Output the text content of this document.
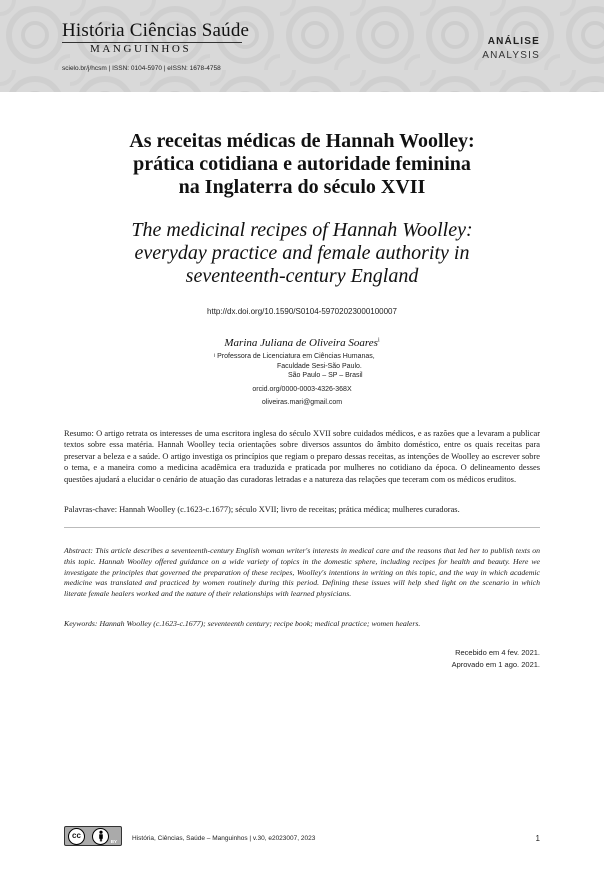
História Ciências Saúde
MANGUINHOS
scielo.br/j/hcsm | ISSN: 0104-5970 | eISSN: 1678-4758
ANÁLISE
ANALYSIS
As receitas médicas de Hannah Woolley:
prática cotidiana e autoridade feminina
na Inglaterra do século XVII
The medicinal recipes of Hannah Woolley:
everyday practice and female authority in
seventeenth-century England
http://dx.doi.org/10.1590/S0104-59702023000100007
Marina Juliana de Oliveira Soares$^i$
$^i$ Professora de Licenciatura em Ciências Humanas,
Faculdade Sesi-São Paulo.
São Paulo – SP – Brasil
orcid.org/0000-0003-4326-368X
oliveiras.mari@gmail.com
Resumo: O artigo retrata os interesses de uma escritora inglesa do século XVII sobre cuidados médicos, e as razões que a levaram a publicar textos sobre essa matéria. Hannah Woolley tecia orientações sobre diversos assuntos do âmbito doméstico, entre os quais receitas para preservar a beleza e a saúde. O artigo investiga os princípios que regiam o preparo dessas receitas, as intenções de Woolley ao escrever sobre o tema, e a maneira como a medicina acadêmica era traduzida e praticada por mulheres no cotidiano da época. O delineamento desses questões ajudará a elucidar o cenário de atuação das curadoras letradas e a natureza das relações que teceram com os médicos eruditos.
Palavras-chave: Hannah Woolley (c.1623-c.1677); século XVII; livro de receitas; prática médica; mulheres curadoras.
Abstract: This article describes a seventeenth-century English woman writer's interests in medical care and the reasons that led her to publish texts on this topic. Hannah Woolley offered guidance on a wide variety of topics in the domestic sphere, including recipes for health and beauty. Here we investigate the principles that governed the preparation of these recipes, Woolley's intentions in writing on this topic, and the way in which academic medicine was translated and practiced by women routinely during this period. Defining these issues will help shed light on the scenario in which literate female healers worked and the nature of their relationships with learned physicians.
Keywords: Hannah Woolley (c.1623-c.1677); seventeenth century; recipe book; medical practice; women healers.
Recebido em 4 fev. 2021.
Aprovado em 1 ago. 2021.
cc
BY História, Ciências, Saúde – Manguinhos | v.30, e2023007, 2023	1
